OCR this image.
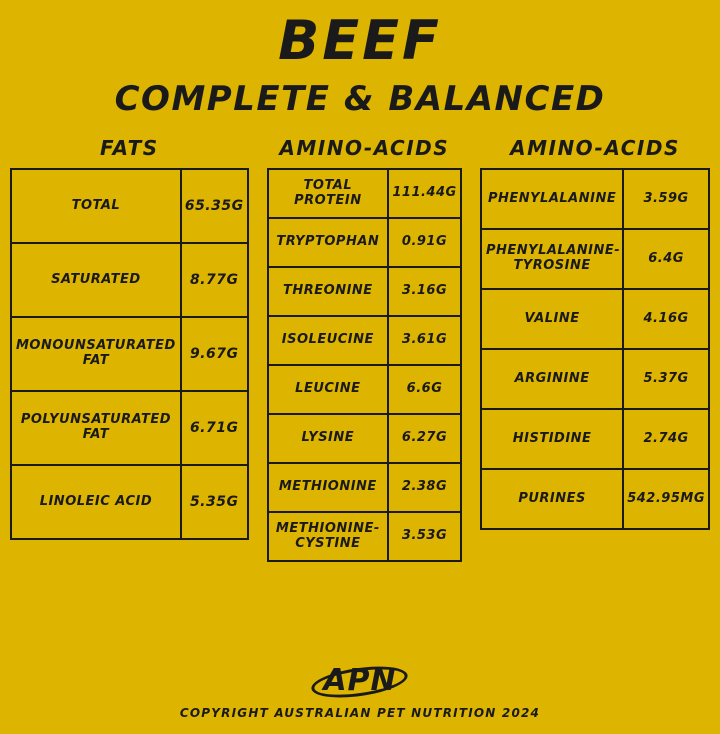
BEEF
COMPLETE & BALANCED
FATS
TOTAL	65.35G
SATURATED	8.77G
MONOUNSATURATED FAT	9.67G
POLYUNSATURATED FAT	6.71G
LINOLEIC ACID	5.35G
AMINO-ACIDS
TOTAL PROTEIN	111.44G
TRYPTOPHAN	0.91G
THREONINE	3.16G
ISOLEUCINE	3.61G
LEUCINE	6.6G
LYSINE	6.27G
METHIONINE	2.38G
METHIONINE-CYSTINE	3.53G
AMINO-ACIDS
PHENYLALANINE	3.59G
PHENYLALANINE-TYROSINE	6.4G
VALINE	4.16G
ARGININE	5.37G
HISTIDINE	2.74G
PURINES	542.95MG
APN
COPYRIGHT AUSTRALIAN PET NUTRITION 2024
